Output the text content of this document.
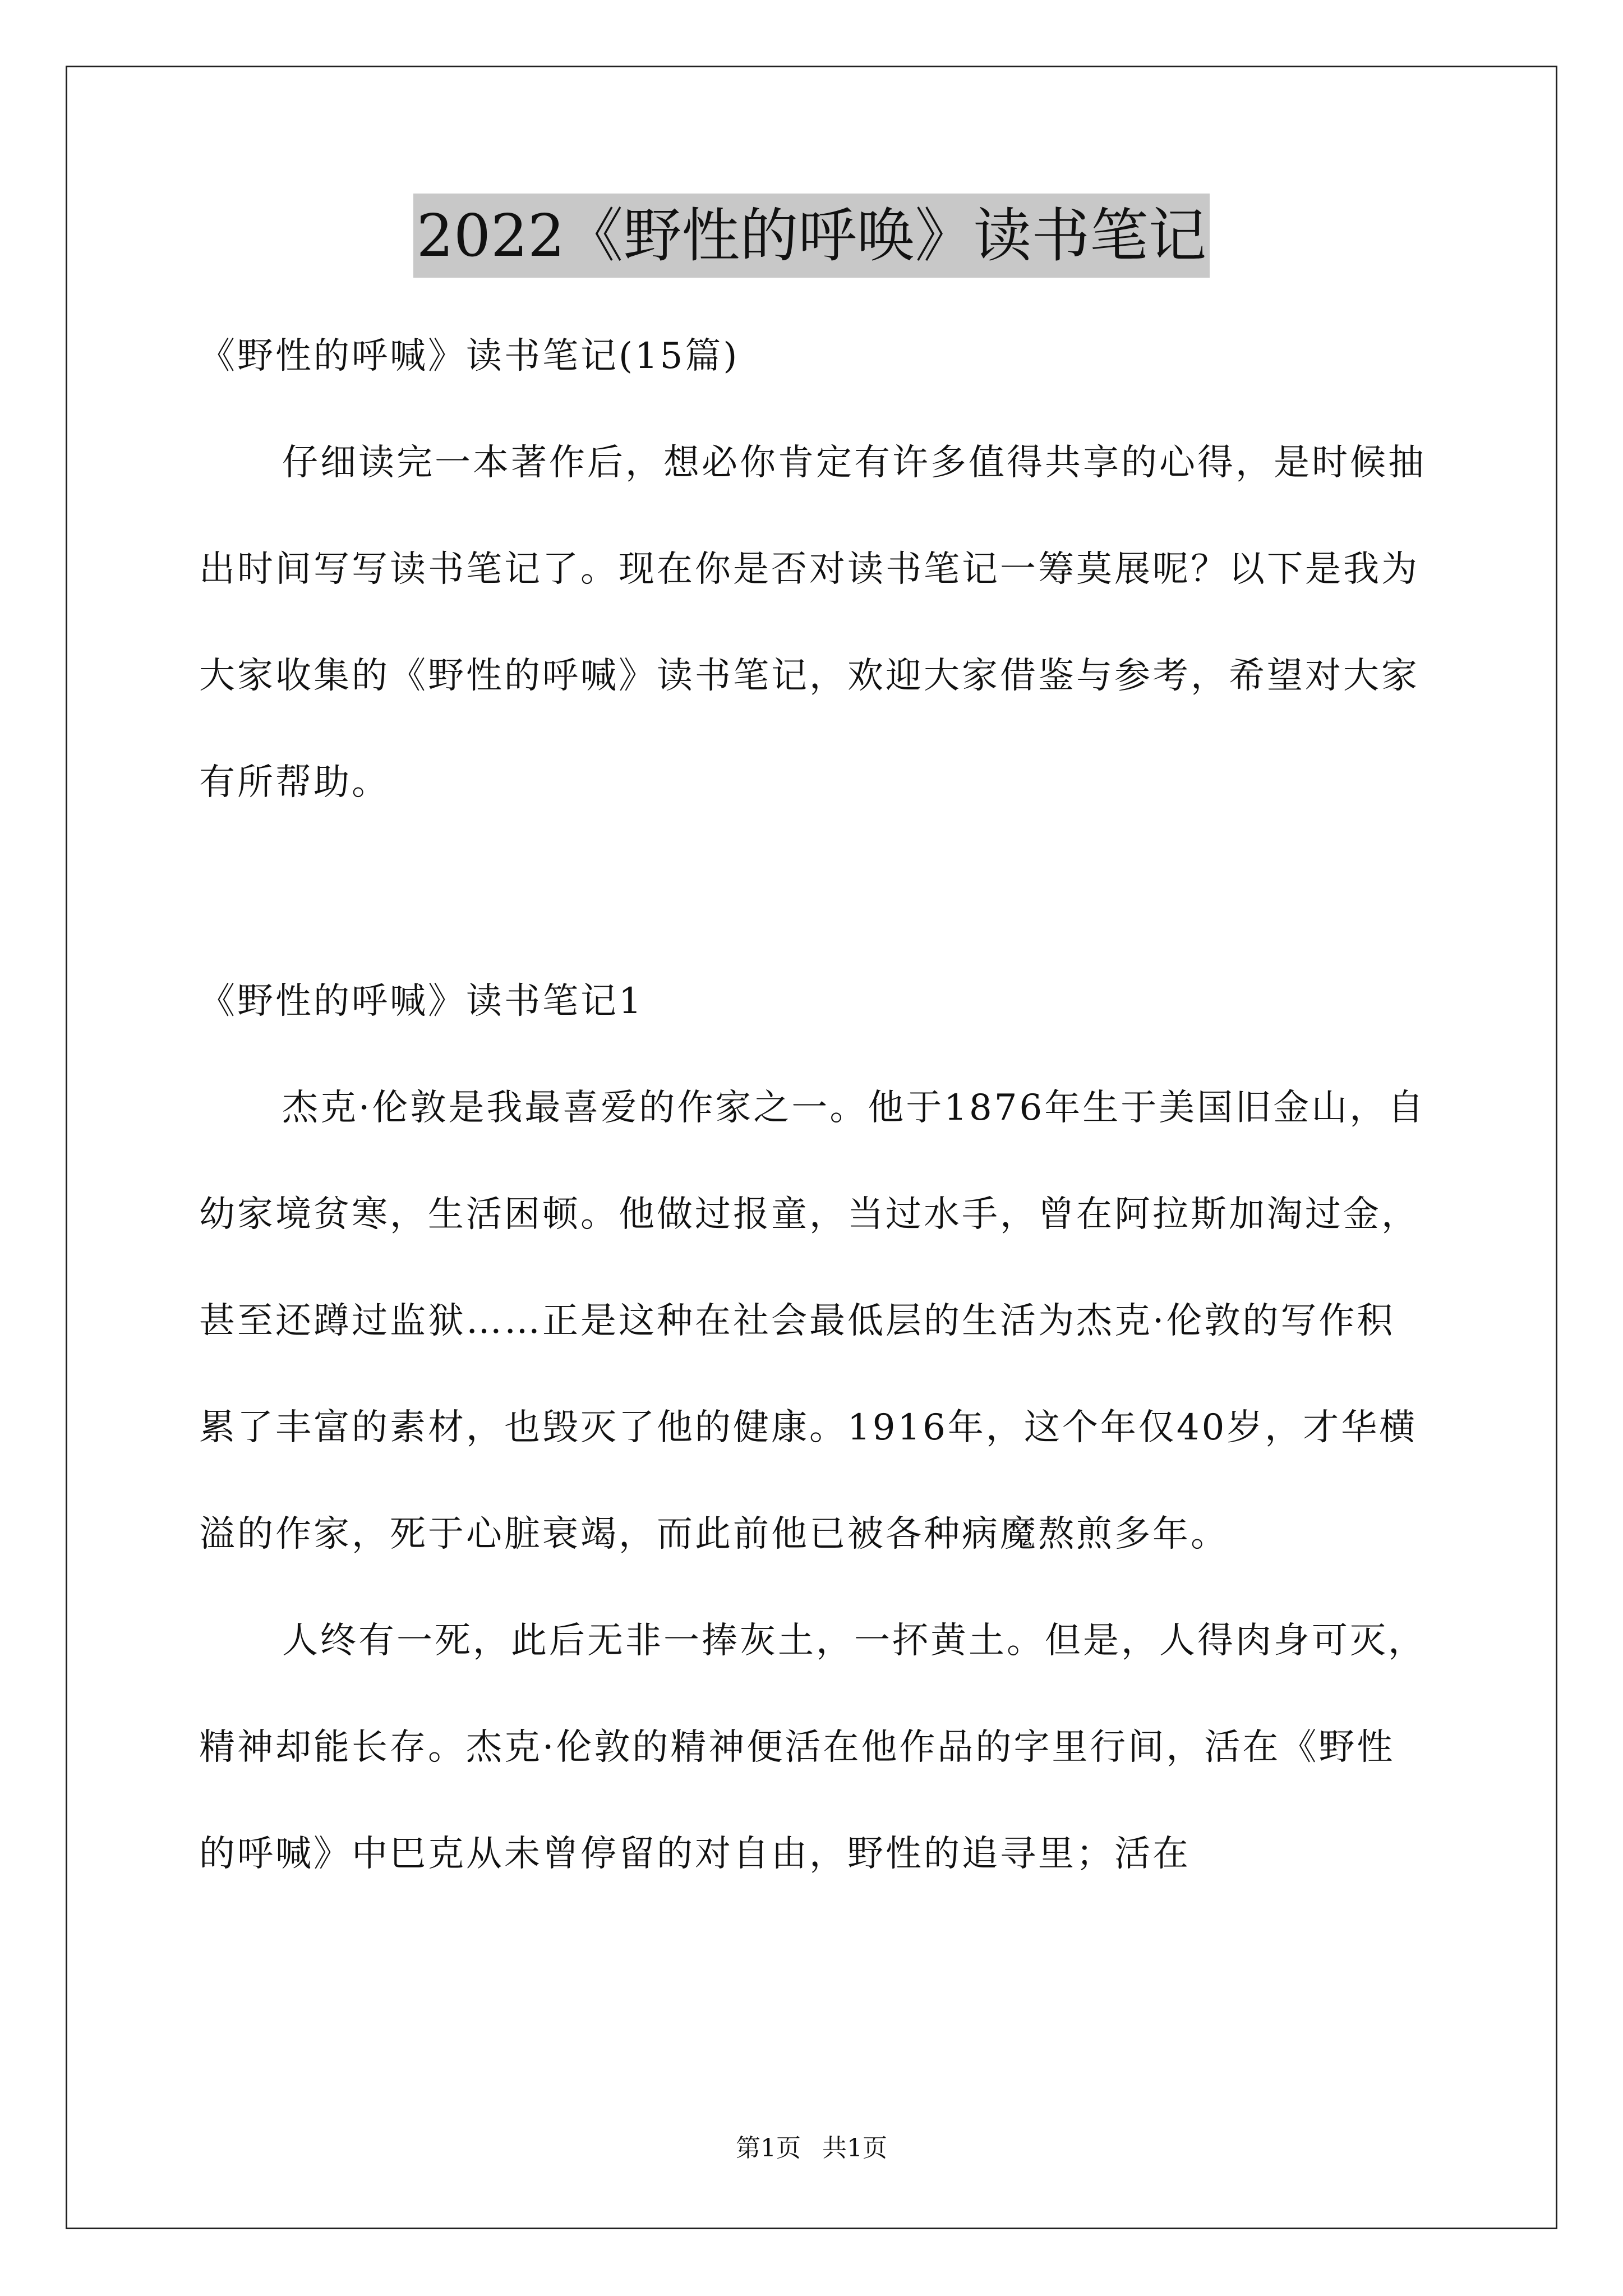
2022《野性的呼唤》读书笔记

《野性的呼喊》读书笔记(15篇)

仔细读完一本著作后，想必你肯定有许多值得共享的心得，是时候抽出时间写写读书笔记了。现在你是否对读书笔记一筹莫展呢？以下是我为大家收集的《野性的呼喊》读书笔记，欢迎大家借鉴与参考，希望对大家有所帮助。

《野性的呼喊》读书笔记1

杰克·伦敦是我最喜爱的作家之一。他于1876年生于美国旧金山，自幼家境贫寒，生活困顿。他做过报童，当过水手，曾在阿拉斯加淘过金，甚至还蹲过监狱……正是这种在社会最低层的生活为杰克·伦敦的写作积累了丰富的素材，也毁灭了他的健康。1916年，这个年仅40岁，才华横溢的作家，死于心脏衰竭，而此前他已被各种病魔熬煎多年。

人终有一死，此后无非一捧灰土，一抔黄土。但是，人得肉身可灭，精神却能长存。杰克·伦敦的精神便活在他作品的字里行间，活在《野性的呼喊》中巴克从未曾停留的对自由，野性的追寻里；活在

第1页 共1页
